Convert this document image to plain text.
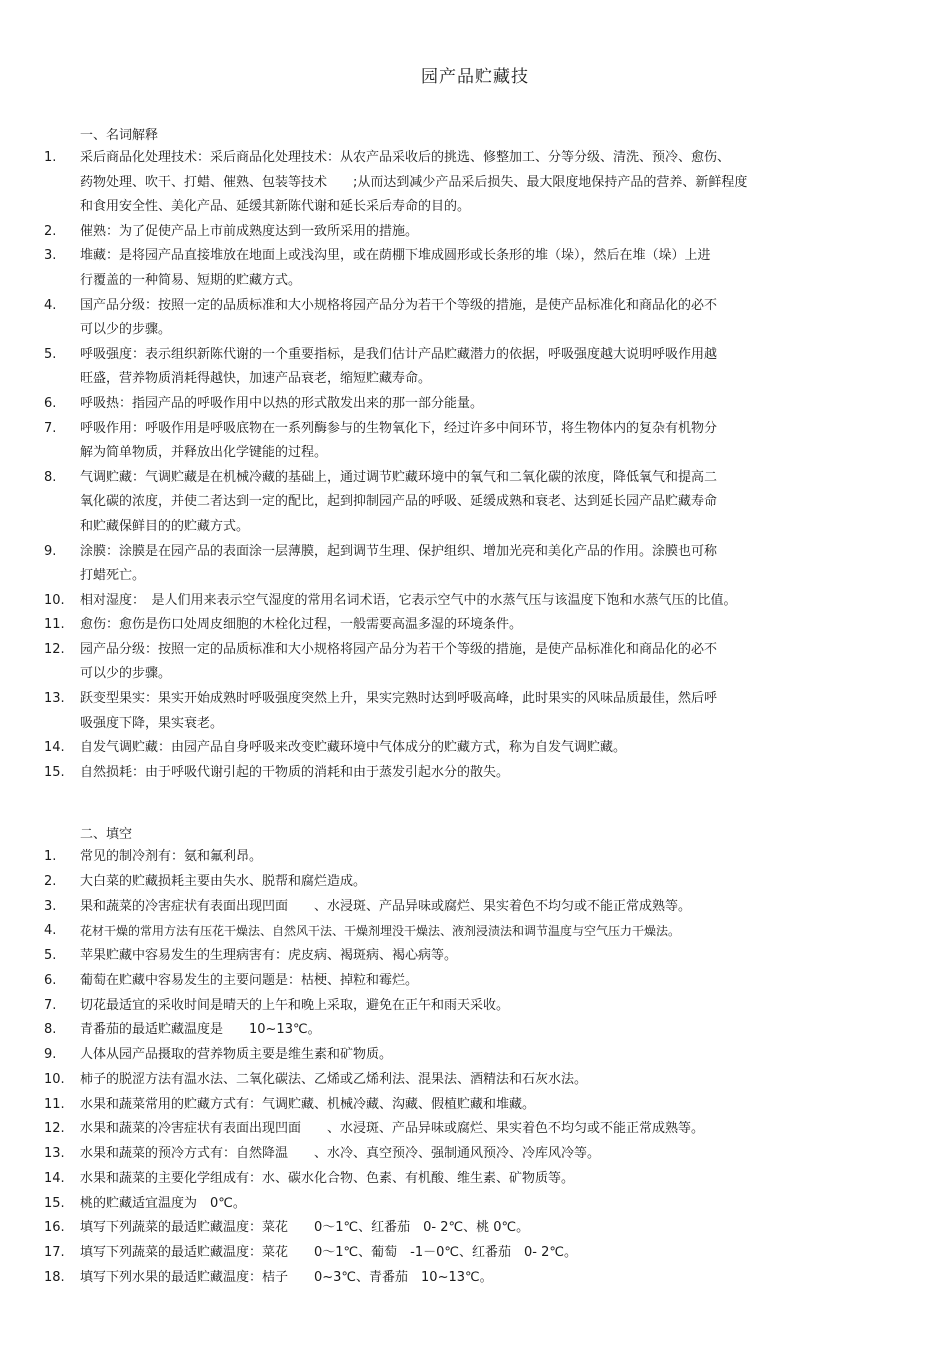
园产品贮藏技
一、名词解释
1.	采后商品化处理技术：采后商品化处理技术：从农产品采收后的挑选、修整加工、分等分级、清洗、预冷、愈伤、
药物处理、吹干、打蜡、催熟、包装等技术　　;从而达到减少产品采后损失、最大限度地保持产品的营养、新鲜程度
和食用安全性、美化产品、延缓其新陈代谢和延长采后寿命的目的。
2.	催熟：为了促使产品上市前成熟度达到一致所采用的措施。
3.	堆藏：是将园产品直接堆放在地面上或浅沟里，或在荫棚下堆成圆形或长条形的堆（垛），然后在堆（垛）上进
行覆盖的一种简易、短期的贮藏方式。
4.	国产品分级：按照一定的品质标准和大小规格将园产品分为若干个等级的措施，是使产品标准化和商品化的必不
可以少的步骤。
5.	呼吸强度：表示组织新陈代谢的一个重要指标，是我们估计产品贮藏潜力的依据，呼吸强度越大说明呼吸作用越
旺盛，营养物质消耗得越快，加速产品衰老，缩短贮藏寿命。
6.	呼吸热：指园产品的呼吸作用中以热的形式散发出来的那一部分能量。
7.	呼吸作用：呼吸作用是呼吸底物在一系列酶参与的生物氧化下，经过许多中间环节，将生物体内的复杂有机物分
解为简单物质，并释放出化学键能的过程。
8.	气调贮藏：气调贮藏是在机械冷藏的基础上，通过调节贮藏环境中的氧气和二氧化碳的浓度，降低氧气和提高二
氧化碳的浓度，并使二者达到一定的配比，起到抑制园产品的呼吸、延缓成熟和衰老、达到延长园产品贮藏寿命
和贮藏保鲜目的的贮藏方式。
9.	涂膜：涂膜是在园产品的表面涂一层薄膜，起到调节生理、保护组织、增加光亮和美化产品的作用。涂膜也可称
打蜡死亡。
10.	相对湿度：　是人们用来表示空气湿度的常用名词术语，它表示空气中的水蒸气压与该温度下饱和水蒸气压的比值。
11.	愈伤：愈伤是伤口处周皮细胞的木栓化过程，一般需要高温多湿的环境条件。
12.	园产品分级：按照一定的品质标准和大小规格将园产品分为若干个等级的措施，是使产品标准化和商品化的必不
可以少的步骤。
13.	跃变型果实：果实开始成熟时呼吸强度突然上升，果实完熟时达到呼吸高峰，此时果实的风味品质最佳，然后呼
吸强度下降，果实衰老。
14.	自发气调贮藏：由园产品自身呼吸来改变贮藏环境中气体成分的贮藏方式，称为自发气调贮藏。
15.	自然损耗：由于呼吸代谢引起的干物质的消耗和由于蒸发引起水分的散失。
二、填空
1.	常见的制冷剂有：氨和氟利昂。
2.	大白菜的贮藏损耗主要由失水、脱帮和腐烂造成。
3.	果和蔬菜的冷害症状有表面出现凹面　　、水浸斑、产品异味或腐烂、果实着色不均匀或不能正常成熟等。
4.	花材干燥的常用方法有压花干燥法、自然风干法、干燥剂埋没干燥法、液剂浸渍法和调节温度与空气压力干燥法。
5.	苹果贮藏中容易发生的生理病害有：虎皮病、褐斑病、褐心病等。
6.	葡萄在贮藏中容易发生的主要问题是：枯梗、掉粒和霉烂。
7.	切花最适宜的采收时间是晴天的上午和晚上采取，避免在正午和雨天采收。
8.	青番茄的最适贮藏温度是　　10~13℃。
9.	人体从园产品摄取的营养物质主要是维生素和矿物质。
10.	柿子的脱涩方法有温水法、二氧化碳法、乙烯或乙烯利法、混果法、酒精法和石灰水法。
11.	水果和蔬菜常用的贮藏方式有：气调贮藏、机械冷藏、沟藏、假植贮藏和堆藏。
12.	水果和蔬菜的冷害症状有表面出现凹面　　、水浸斑、产品异味或腐烂、果实着色不均匀或不能正常成熟等。
13.	水果和蔬菜的预冷方式有：自然降温　　、水冷、真空预冷、强制通风预冷、冷库风冷等。
14.	水果和蔬菜的主要化学组成有：水、碳水化合物、色素、有机酸、维生素、矿物质等。
15.	桃的贮藏适宜温度为　0℃。
16.	填写下列蔬菜的最适贮藏温度：菜花　　0～1℃、红番茄　0- 2℃、桃 0℃。
17.	填写下列蔬菜的最适贮藏温度：菜花　　0～1℃、葡萄　-1－0℃、红番茄　0- 2℃。
18.	填写下列水果的最适贮藏温度：桔子　　0~3℃、青番茄　10~13℃。
